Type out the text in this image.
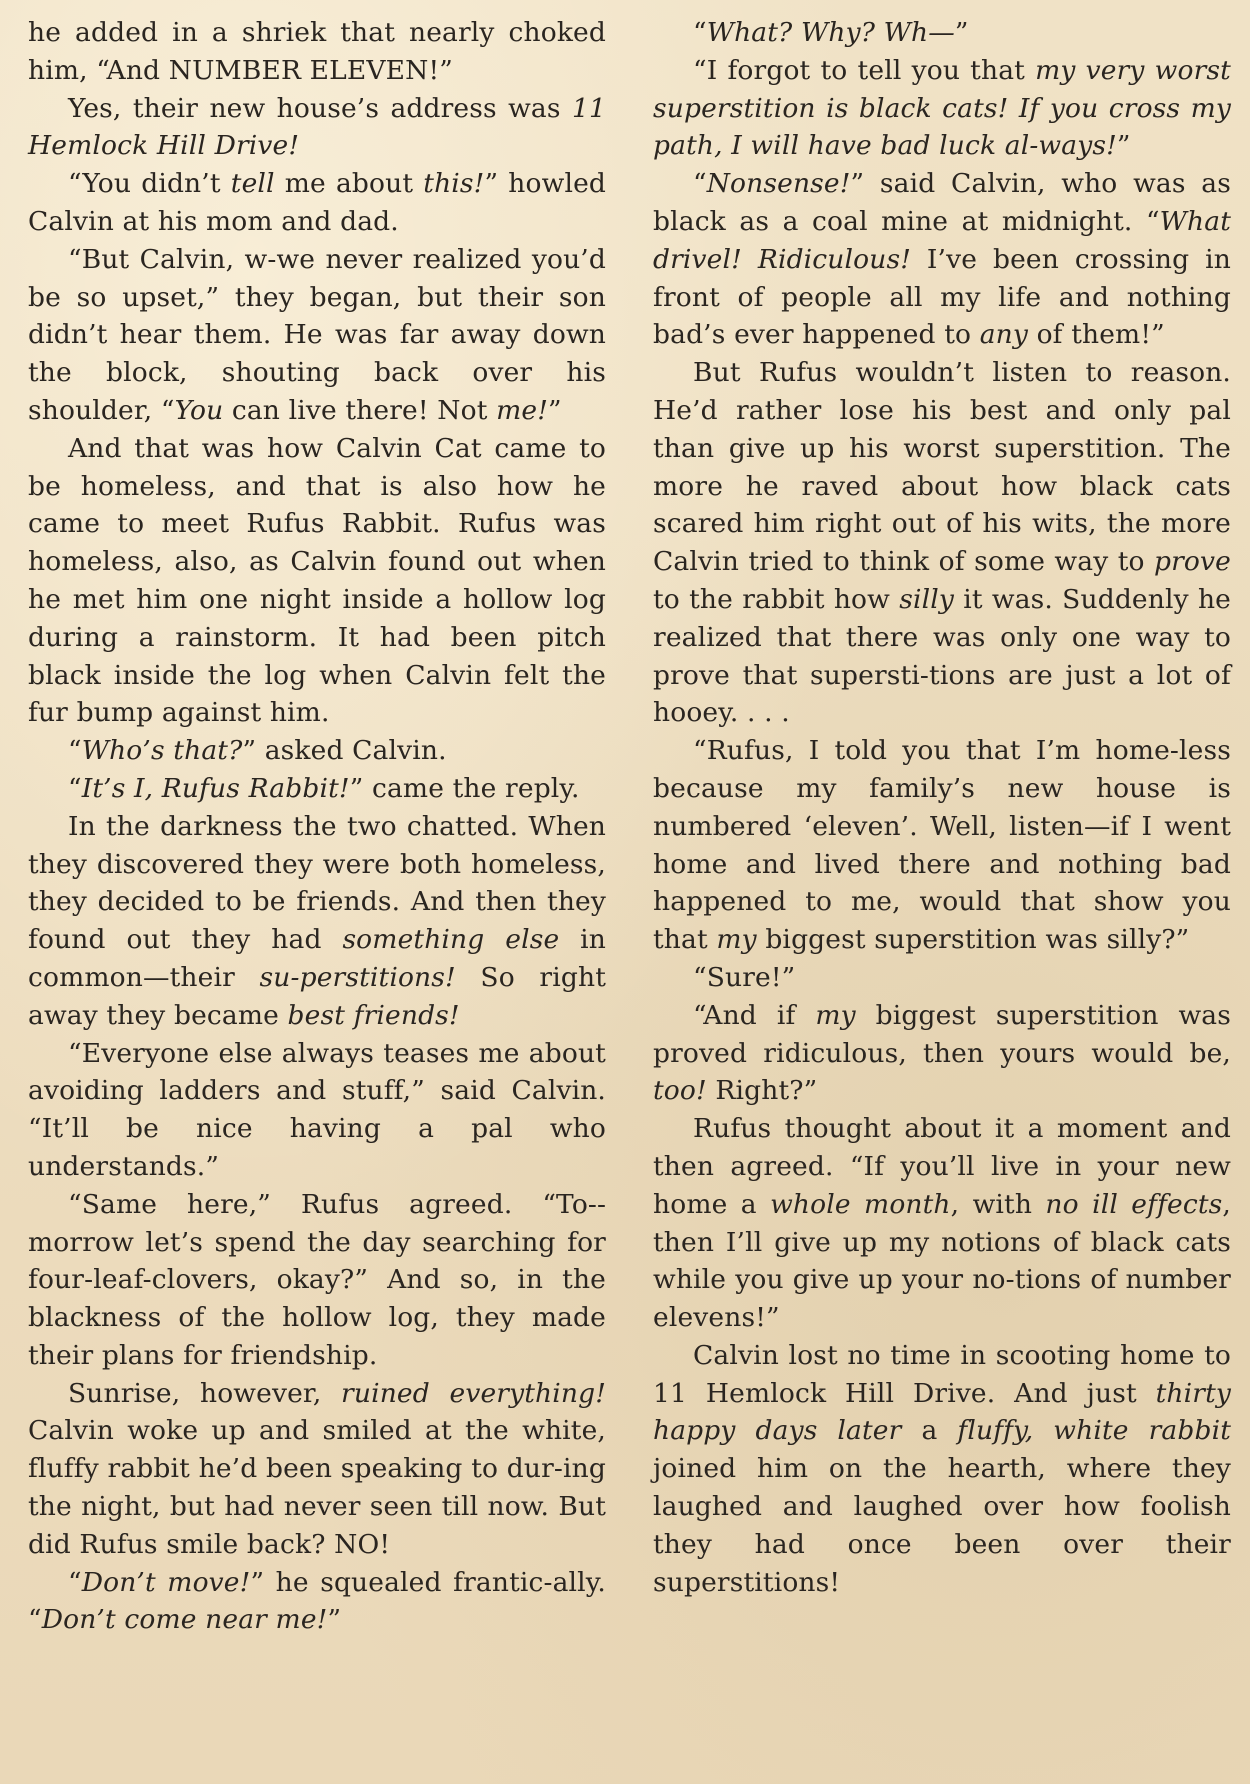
he added in a shriek that nearly choked him, “And NUMBER ELEVEN!”

Yes, their new house’s address was 11 Hemlock Hill Drive!

“You didn’t tell me about this!” howled Calvin at his mom and dad.

“But Calvin, w-we never realized you’d be so upset,” they began, but their son didn’t hear them. He was far away down the block, shouting back over his shoulder, “You can live there! Not me!”

And that was how Calvin Cat came to be homeless, and that is also how he came to meet Rufus Rabbit. Rufus was homeless, also, as Calvin found out when he met him one night inside a hollow log during a rainstorm. It had been pitch black inside the log when Calvin felt the fur bump against him.

“Who’s that?” asked Calvin.

“It’s I, Rufus Rabbit!” came the reply.

In the darkness the two chatted. When they discovered they were both homeless, they decided to be friends. And then they found out they had something else in common—their su-perstitions! So right away they became best friends!

“Everyone else always teases me about avoiding ladders and stuff,” said Calvin. “It’ll be nice having a pal who understands.”

“Same here,” Rufus agreed. “To-morrow let’s spend the day searching for four-leaf-clovers, okay?” And so, in the blackness of the hollow log, they made their plans for friendship.

Sunrise, however, ruined everything! Calvin woke up and smiled at the white, fluffy rabbit he’d been speaking to dur-ing the night, but had never seen till now. But did Rufus smile back? NO!

“Don’t move!” he squealed frantic-ally. “Don’t come near me!”

“What? Why? Wh—”

“I forgot to tell you that my very worst superstition is black cats! If you cross my path, I will have bad luck al-ways!”

“Nonsense!” said Calvin, who was as black as a coal mine at midnight. “What drivel! Ridiculous! I’ve been crossing in front of people all my life and nothing bad’s ever happened to any of them!”

But Rufus wouldn’t listen to reason. He’d rather lose his best and only pal than give up his worst superstition. The more he raved about how black cats scared him right out of his wits, the more Calvin tried to think of some way to prove to the rabbit how silly it was. Suddenly he realized that there was only one way to prove that supersti-tions are just a lot of hooey. . . .

“Rufus, I told you that I’m home-less because my family’s new house is numbered ‘eleven’. Well, listen—if I went home and lived there and nothing bad happened to me, would that show you that my biggest superstition was silly?”

“Sure!”

“And if my biggest superstition was proved ridiculous, then yours would be, too! Right?”

Rufus thought about it a moment and then agreed. “If you’ll live in your new home a whole month, with no ill effects, then I’ll give up my notions of black cats while you give up your no-tions of number elevens!”

Calvin lost no time in scooting home to 11 Hemlock Hill Drive. And just thirty happy days later a fluffy, white rabbit joined him on the hearth, where they laughed and laughed over how foolish they had once been over their superstitions!
